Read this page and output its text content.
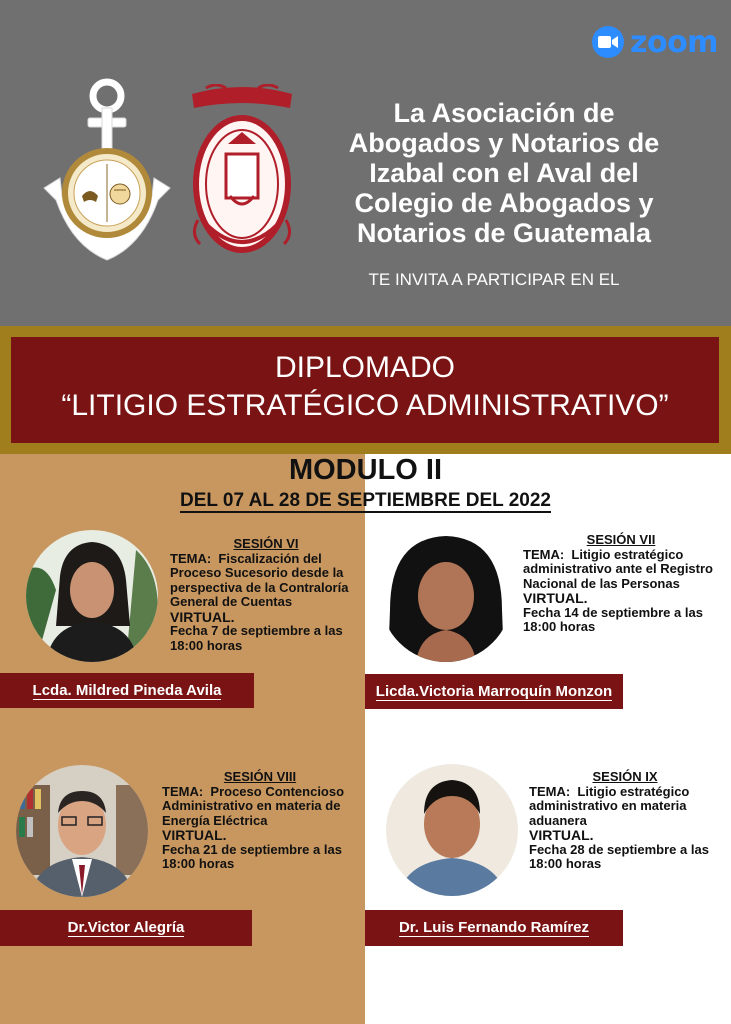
zoom
La Asociación de
Abogados y Notarios de
Izabal con el Aval del
Colegio de Abogados y
Notarios de Guatemala
TE INVITA A PARTICIPAR EN EL
DIPLOMADO
“LITIGIO ESTRATÉGICO ADMINISTRATIVO”
MODULO II
DEL 07 AL 28 DE SEPTIEMBRE DEL 2022
SESIÓN VI
TEMA: Fiscalización del Proceso Sucesorio desde la perspectiva de la Contraloría General de Cuentas
VIRTUAL.
Fecha 7 de septiembre a las 18:00 horas
SESIÓN VII
TEMA: Litigio estratégico administrativo ante el Registro Nacional de las Personas
VIRTUAL.
Fecha 14 de septiembre a las 18:00 horas
SESIÓN VIII
TEMA: Proceso Contencioso Administrativo en materia de Energía Eléctrica
VIRTUAL.
Fecha 21 de septiembre a las 18:00 horas
SESIÓN IX
TEMA: Litigio estratégico administrativo en materia aduanera
VIRTUAL.
Fecha 28 de septiembre a las 18:00 horas
Lcda. Mildred Pineda Avila	Licda.Victoria Marroquín Monzon
Dr.Victor Alegría	Dr. Luis Fernando Ramírez
